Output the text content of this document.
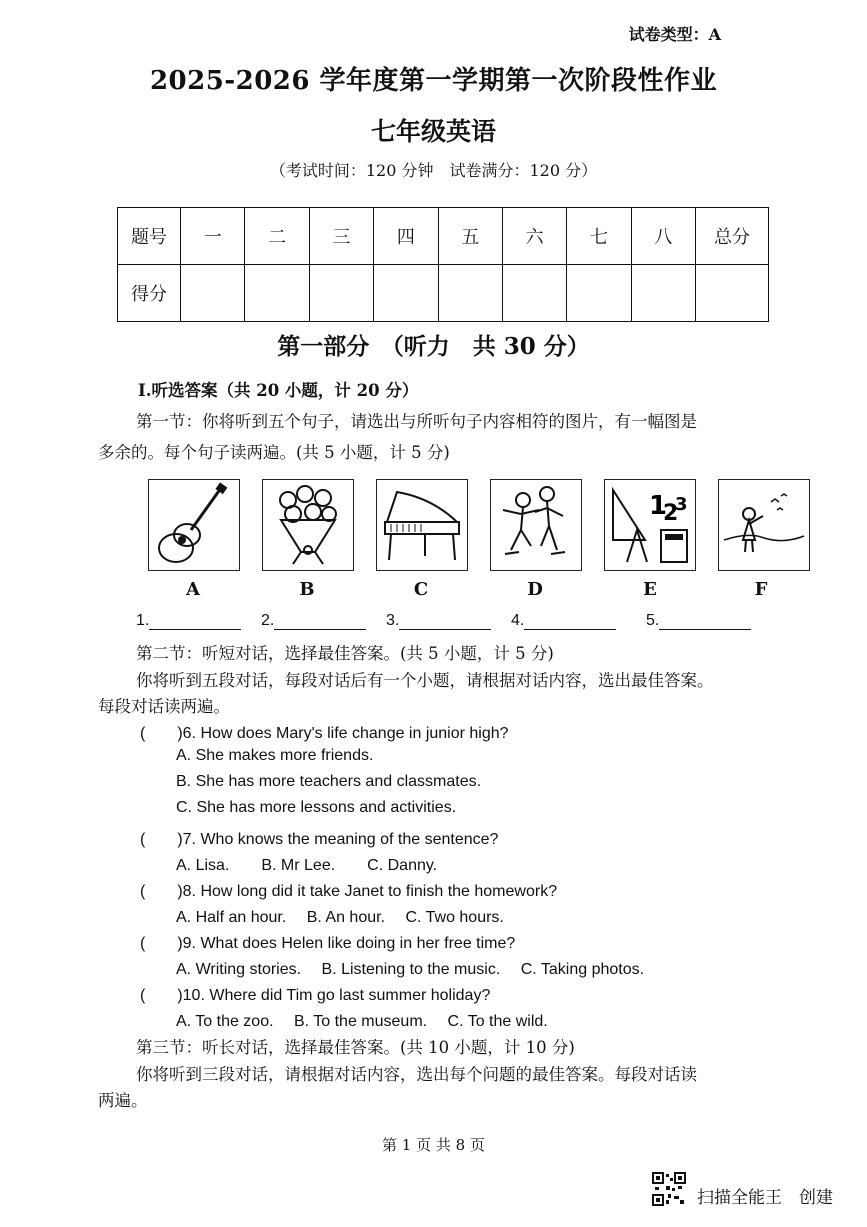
试卷类型：A
2025-2026 学年度第一学期第一次阶段性作业
七年级英语
（考试时间：120 分钟　试卷满分：120 分）
题号	一	二	三	四	五	六	七	八	总分
得分									
第一部分　（听力　共 30 分）
Ⅰ.听选答案（共 20 小题，计 20 分）
第一节：你将听到五个句子，请选出与所听句子内容相符的图片，有一幅图是
多余的。每个句子读两遍。(共 5 小题，计 5 分)
1
2
3
A	B	C	D	E	F
1.	2.	3.	4.	5.
第二节：听短对话，选择最佳答案。(共 5 小题，计 5 分)
你将听到五段对话，每段对话后有一个小题，请根据对话内容，选出最佳答案。
每段对话读两遍。
(　　)6. How does Mary's life change in junior high?
A. She makes more friends.
B. She has more teachers and classmates.
C. She has more lessons and activities.
(　　)7. Who knows the meaning of the sentence?
A. Lisa.　　B. Mr Lee.　　C. Danny.
(　　)8. How long did it take Janet to finish the homework?
A. Half an hour.　 B. An hour.　 C. Two hours.
(　　)9. What does Helen like doing in her free time?
A. Writing stories.　 B. Listening to the music.　 C. Taking photos.
(　　)10. Where did Tim go last summer holiday?
A. To the zoo.　 B. To the museum.　 C. To the wild.
第三节：听长对话，选择最佳答案。(共 10 小题，计 10 分)
你将听到三段对话，请根据对话内容，选出每个问题的最佳答案。每段对话读
两遍。
第 1 页 共 8 页
扫描全能王　创建
